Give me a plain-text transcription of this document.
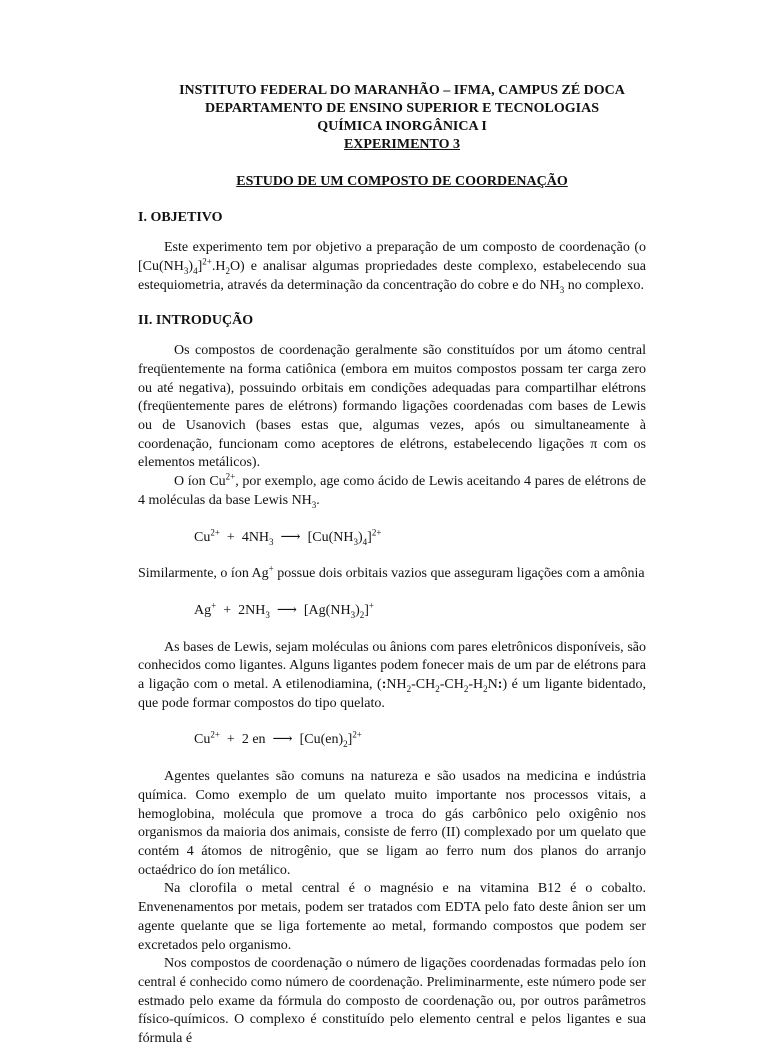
INSTITUTO FEDERAL DO MARANHÃO – IFMA, CAMPUS ZÉ DOCA
DEPARTAMENTO DE ENSINO SUPERIOR E TECNOLOGIAS
QUÍMICA INORGÂNICA I
EXPERIMENTO 3
ESTUDO DE UM COMPOSTO DE COORDENAÇÃO
I. OBJETIVO

Este experimento tem por objetivo a preparação de um composto de coordenação (o $[Cu(NH_3)_4]^{2+}.H_2O$) e analisar algumas propriedades deste complexo, estabelecendo sua estequiometria, através da determinação da concentração do cobre e do $NH_3$ no complexo.

II. INTRODUÇÃO

Os compostos de coordenação geralmente são constituídos por um átomo central freqüentemente na forma catiônica (embora em muitos compostos possam ter carga zero ou até negativa), possuindo orbitais em condições adequadas para compartilhar elétrons (freqüentemente pares de elétrons) formando ligações coordenadas com bases de Lewis ou de Usanovich (bases estas que, algumas vezes, após ou simultaneamente à coordenação, funcionam como aceptores de elétrons, estabelecendo ligações π com os elementos metálicos).

O íon $Cu^{2+}$, por exemplo, age como ácido de Lewis aceitando 4 pares de elétrons de 4 moléculas da base Lewis $NH_3$.

$Cu^{2+} + 4NH_3$  ⟶  $[Cu(NH_3)_4]^{2+}$

Similarmente, o íon Ag+ possue dois orbitais vazios que asseguram ligações com a amônia

$Ag^+ + 2NH_3$  ⟶  $[Ag(NH_3)_2]^+$

As bases de Lewis, sejam moléculas ou ânions com pares eletrônicos disponíveis, são conhecidos como ligantes. Alguns ligantes podem fonecer mais de um par de elétrons para a ligação com o metal. A etilenodiamina, $(:NH_2-CH_2-CH_2-H_2N:)$ é um ligante bidentado, que pode formar compostos do tipo quelato.

$Cu^{2+} + 2$ en  ⟶  $[Cu(en)_2]^{2+}$

Agentes quelantes são comuns na natureza e são usados na medicina e indústria química. Como exemplo de um quelato muito importante nos processos vitais, a hemoglobina, molécula que promove a troca do gás carbônico pelo oxigênio nos organismos da maioria dos animais, consiste de ferro (II) complexado por um quelato que contém 4 átomos de nitrogênio, que se ligam ao ferro num dos planos do arranjo octaédrico do íon metálico.

Na clorofila o metal central é o magnésio e na vitamina B12 é o cobalto. Envenenamentos por metais, podem ser tratados com EDTA pelo fato deste ânion ser um agente quelante que se liga fortemente ao metal, formando compostos que podem ser excretados pelo organismo.

Nos compostos de coordenação o número de ligações coordenadas formadas pelo íon central é conhecido como número de coordenação. Preliminarmente, este número pode ser estmado pelo exame da fórmula do composto de coordenação ou, por outros parâmetros físico-químicos. O complexo é constituído pelo elemento central e pelos ligantes e sua fórmula é
